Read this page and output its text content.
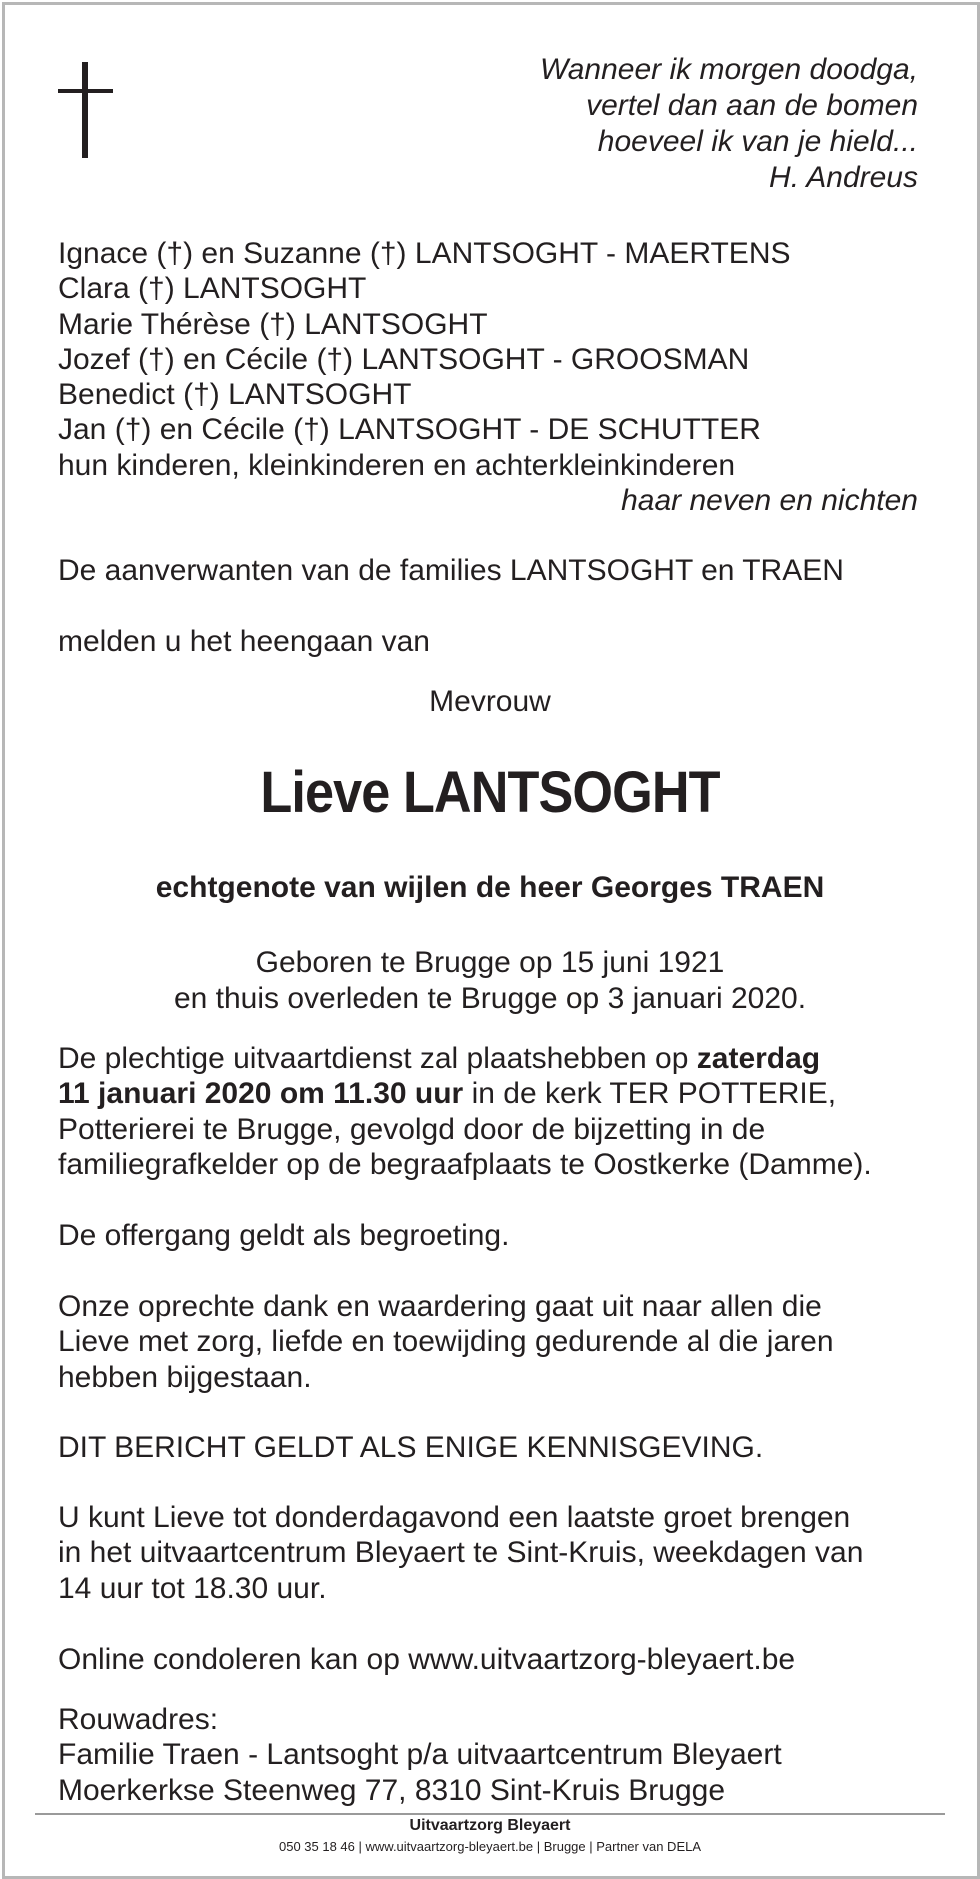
Wanneer ik morgen doodga,
vertel dan aan de bomen
hoeveel ik van je hield...
H. Andreus
Ignace (†) en Suzanne (†) LANTSOGHT - MAERTENS
Clara (†) LANTSOGHT
Marie Thérèse (†) LANTSOGHT
Jozef (†) en Cécile (†) LANTSOGHT - GROOSMAN
Benedict (†) LANTSOGHT
Jan (†) en Cécile (†) LANTSOGHT - DE SCHUTTER
hun kinderen, kleinkinderen en achterkleinkinderen
haar neven en nichten
De aanverwanten van de families LANTSOGHT en TRAEN
melden u het heengaan van
Mevrouw
Lieve LANTSOGHT
echtgenote van wijlen de heer Georges TRAEN
Geboren te Brugge op 15 juni 1921
en thuis overleden te Brugge op 3 januari 2020.
De plechtige uitvaartdienst zal plaatshebben op zaterdag
11 januari 2020 om 11.30 uur in de kerk TER POTTERIE,
Potterierei te Brugge, gevolgd door de bijzetting in de
familiegrafkelder op de begraafplaats te Oostkerke (Damme).
De offergang geldt als begroeting.
Onze oprechte dank en waardering gaat uit naar allen die
Lieve met zorg, liefde en toewijding gedurende al die jaren
hebben bijgestaan.
DIT BERICHT GELDT ALS ENIGE KENNISGEVING.
U kunt Lieve tot donderdagavond een laatste groet brengen
in het uitvaartcentrum Bleyaert te Sint-Kruis, weekdagen van
14 uur tot 18.30 uur.
Online condoleren kan op www.uitvaartzorg-bleyaert.be
Rouwadres:
Familie Traen - Lantsoght p/a uitvaartcentrum Bleyaert
Moerkerkse Steenweg 77, 8310 Sint-Kruis Brugge
Uitvaartzorg Bleyaert
050 35 18 46 | www.uitvaartzorg-bleyaert.be | Brugge | Partner van DELA
